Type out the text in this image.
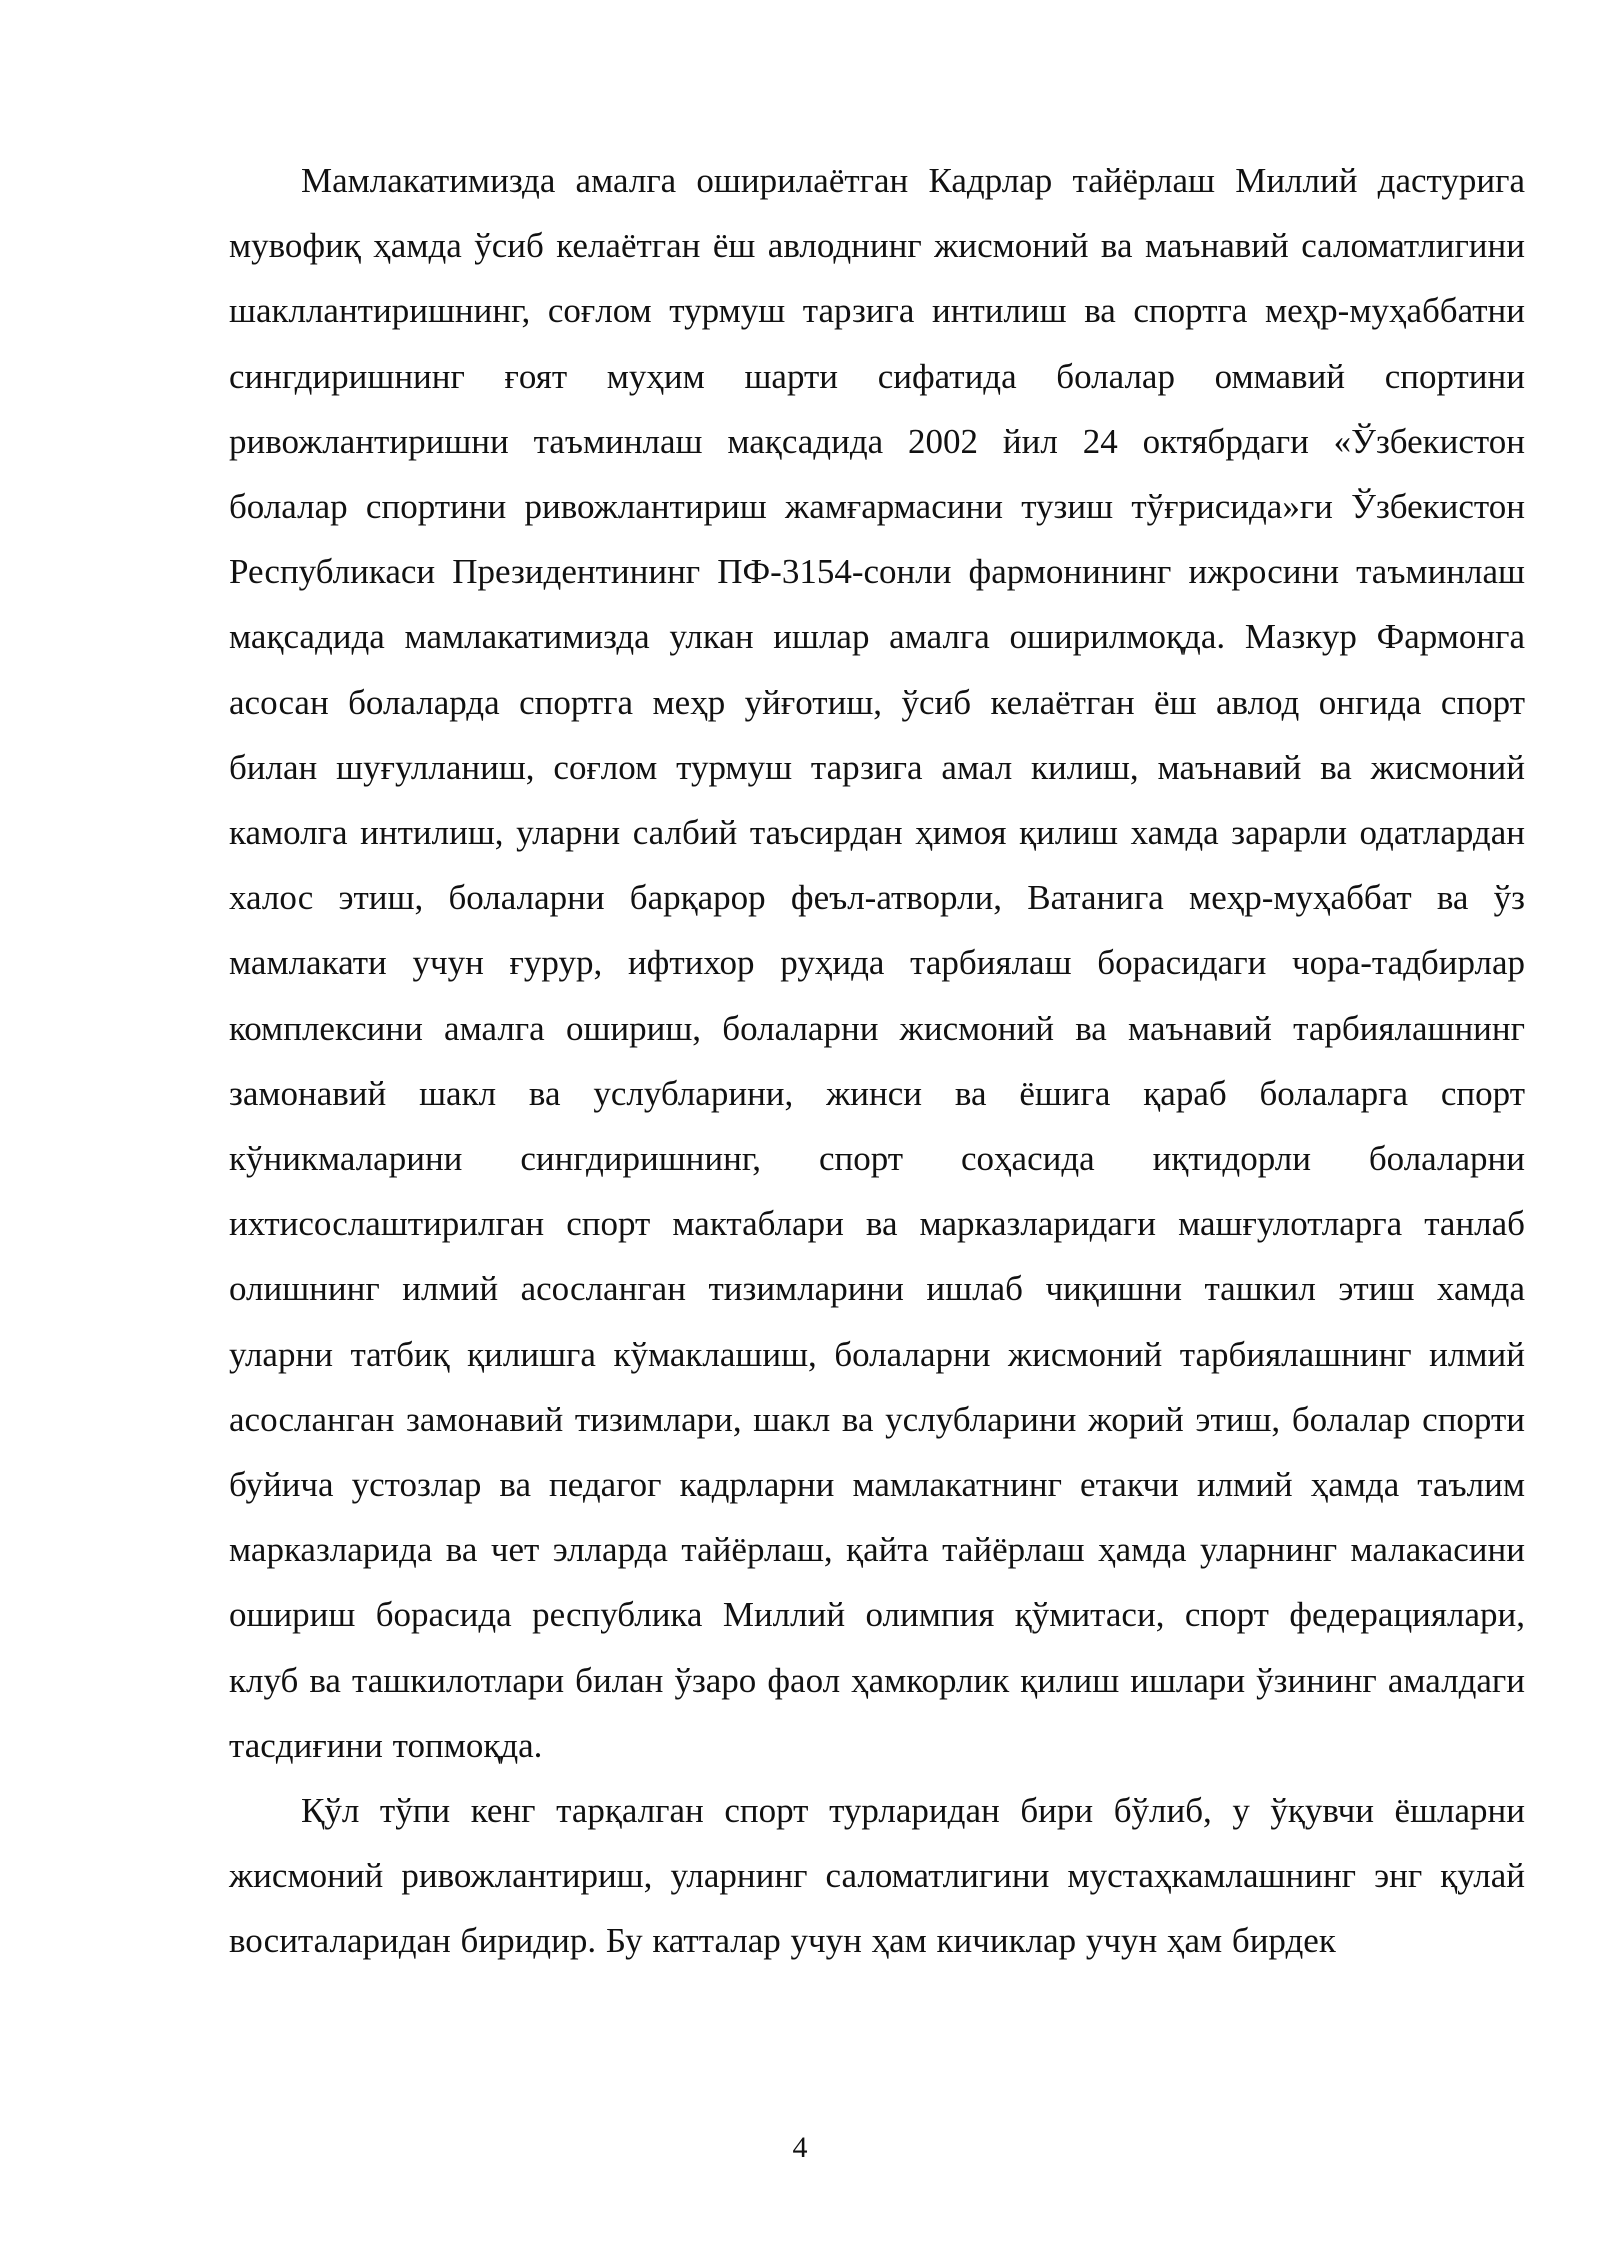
Мамлакатимизда амалга оширилаётган Кадрлар тайёрлаш Миллий дастурига мувофиқ ҳамда ўсиб келаётган ёш авлоднинг жисмоний ва маънавий саломатлигини шакллантиришнинг, соғлом турмуш тарзига интилиш ва спортга меҳр-муҳаббатни сингдиришнинг ғоят муҳим шарти сифатида болалар оммавий спортини ривожлантиришни таъминлаш мақсадида 2002 йил 24 октябрдаги «Ўзбекистон болалар спортини ривожлантириш жамғармасини тузиш тўғрисида»ги Ўзбекистон Республикаси Президентининг ПФ-3154-сонли фармонининг ижросини таъминлаш мақсадида мамлакатимизда улкан ишлар амалга оширилмоқда. Мазкур Фармонга асосан болаларда спортга меҳр уйғотиш, ўсиб келаётган ёш авлод онгида спорт билан шуғулланиш, соғлом турмуш тарзига амал килиш, маънавий ва жисмоний камолга интилиш, уларни салбий таъсирдан ҳимоя қилиш хамда зарарли одатлардан халос этиш, болаларни барқарор феъл-атворли, Ватанига меҳр-муҳаббат ва ўз мамлакати учун ғурур, ифтихор руҳида тарбиялаш борасидаги чора-тадбирлар комплексини амалга ошириш, болаларни жисмоний ва маънавий тарбиялашнинг замонавий шакл ва услубларини, жинси ва ёшига қараб болаларга спорт кўникмаларини сингдиришнинг, спорт соҳасида иқтидорли болаларни ихтисослаштирилган спорт мактаблари ва марказларидаги машғулотларга танлаб олишнинг илмий асосланган тизимларини ишлаб чиқишни ташкил этиш хамда уларни татбиқ қилишга кўмаклашиш, болаларни жисмоний тарбиялашнинг илмий асосланган замонавий тизимлари, шакл ва услубларини жорий этиш, болалар спорти буйича устозлар ва педагог кадрларни мамлакатнинг етакчи илмий ҳамда таълим марказларида ва чет элларда тайёрлаш, қайта тайёрлаш ҳамда уларнинг малакасини ошириш борасида республика Миллий олимпия қўмитаси, спорт федерациялари, клуб ва ташкилотлари билан ўзаро фаол ҳамкорлик қилиш ишлари ўзининг амалдаги тасдиғини топмоқда.

Қўл тўпи кенг тарқалган спорт турларидан бири бўлиб, у ўқувчи ёшларни жисмоний ривожлантириш, уларнинг саломатлигини мустаҳкамлашнинг энг қулай воситаларидан биридир. Бу катталар учун ҳам кичиклар учун ҳам бирдек

4
